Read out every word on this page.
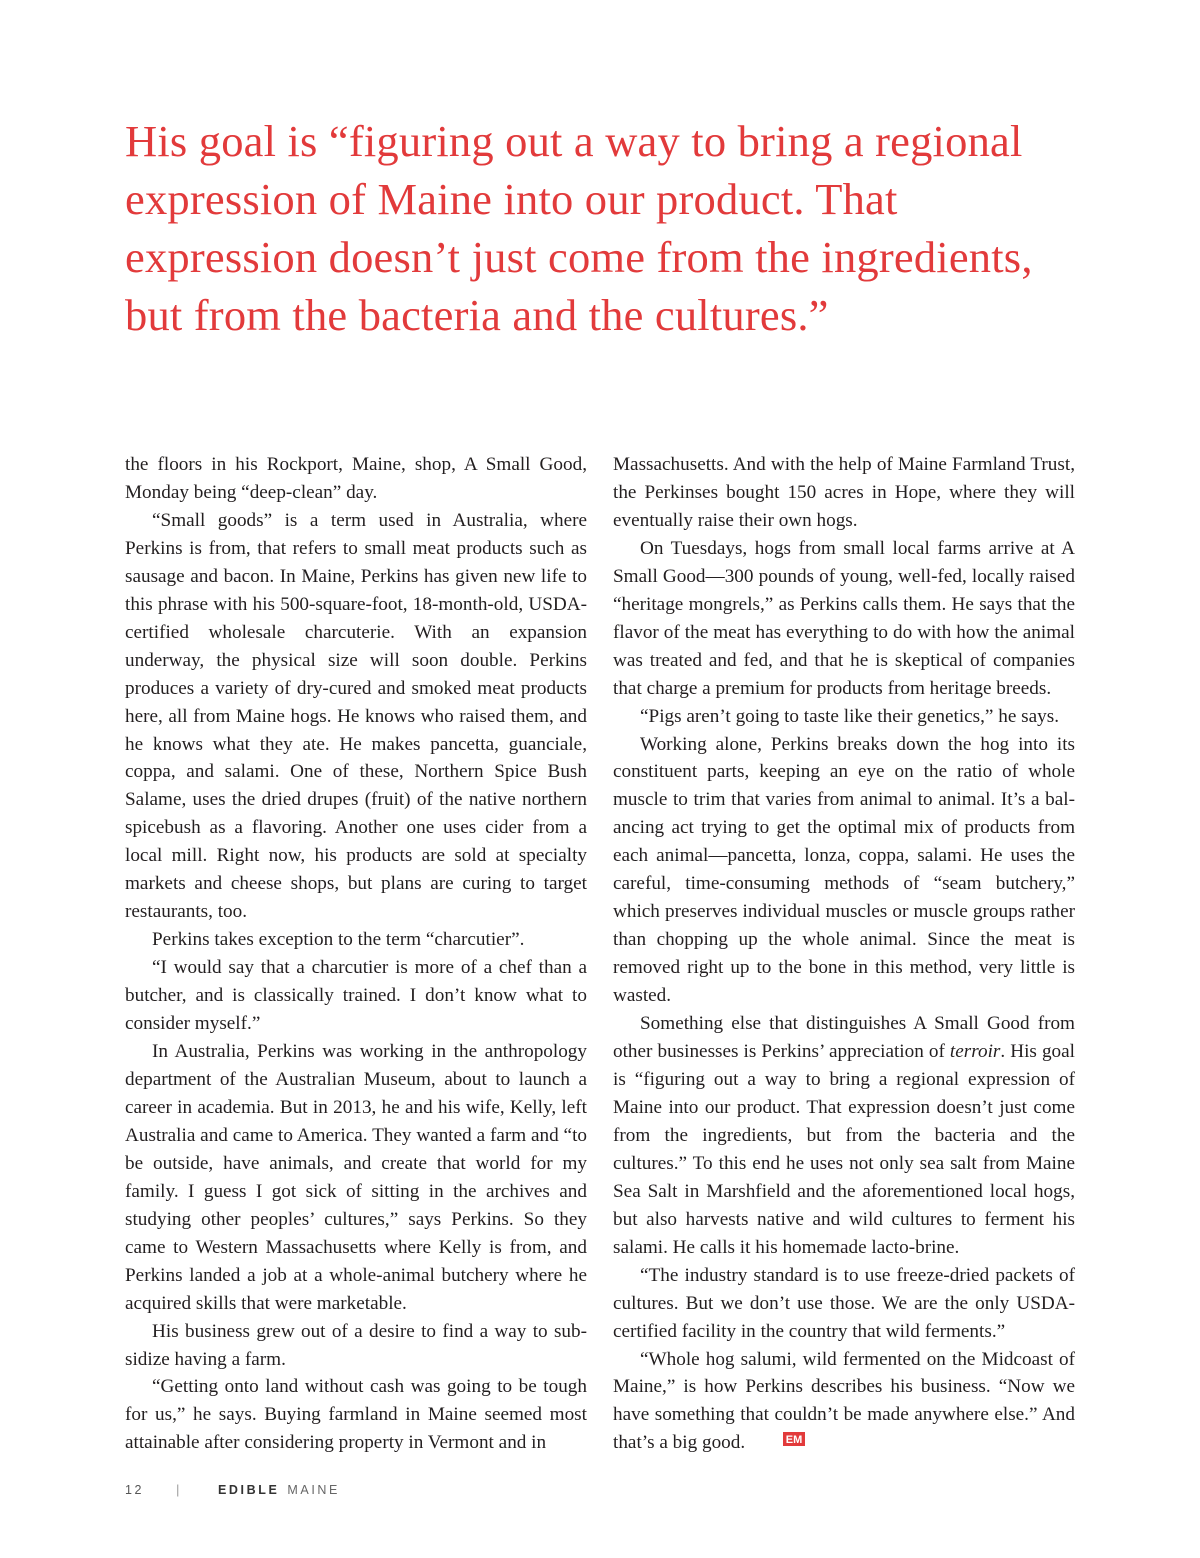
His goal is “figuring out a way to bring a regional expression of Maine into our product. That expression doesn’t just come from the ingredients, but from the bacteria and the cultures.”

the floors in his Rockport, Maine, shop, A Small Good, Monday being “deep-clean” day.

“Small goods” is a term used in Australia, where Perkins is from, that refers to small meat products such as sausage and bacon. In Maine, Perkins has given new life to this phrase with his 500-square-foot, 18-month-old, USDA-certified wholesale charcuterie. With an expansion underway, the physical size will soon double. Perkins produces a variety of dry-cured and smoked meat products here, all from Maine hogs. He knows who raised them, and he knows what they ate. He makes pancetta, guanciale, coppa, and salami. One of these, Northern Spice Bush Salame, uses the dried drupes (fruit) of the native northern spicebush as a flavoring. Another one uses cider from a local mill. Right now, his products are sold at specialty markets and cheese shops, but plans are curing to target restaurants, too.

Perkins takes exception to the term “charcutier”.

“I would say that a charcutier is more of a chef than a butcher, and is classically trained. I don’t know what to consider myself.”

In Australia, Perkins was working in the anthropology department of the Australian Museum, about to launch a career in academia. But in 2013, he and his wife, Kelly, left Australia and came to America. They wanted a farm and “to be outside, have animals, and create that world for my family. I guess I got sick of sitting in the archives and studying other peoples’ cultures,” says Perkins. So they came to Western Massachusetts where Kelly is from, and Perkins landed a job at a whole-animal butchery where he acquired skills that were marketable.

His business grew out of a desire to find a way to subsidize having a farm.

“Getting onto land without cash was going to be tough for us,” he says. Buying farmland in Maine seemed most attainable after considering property in Vermont and in

Massachusetts. And with the help of Maine Farmland Trust, the Perkinses bought 150 acres in Hope, where they will eventually raise their own hogs.

On Tuesdays, hogs from small local farms arrive at A Small Good—300 pounds of young, well-fed, locally raised “heritage mongrels,” as Perkins calls them. He says that the flavor of the meat has everything to do with how the animal was treated and fed, and that he is skeptical of companies that charge a premium for products from heritage breeds.

“Pigs aren’t going to taste like their genetics,” he says.

Working alone, Perkins breaks down the hog into its constituent parts, keeping an eye on the ratio of whole muscle to trim that varies from animal to animal. It’s a balancing act trying to get the optimal mix of products from each animal—pancetta, lonza, coppa, salami. He uses the careful, time-consuming methods of “seam butchery,” which preserves individual muscles or muscle groups rather than chopping up the whole animal. Since the meat is removed right up to the bone in this method, very little is wasted.

Something else that distinguishes A Small Good from other businesses is Perkins’ appreciation of terroir. His goal is “figuring out a way to bring a regional expression of Maine into our product. That expression doesn’t just come from the ingredients, but from the bacteria and the cultures.” To this end he uses not only sea salt from Maine Sea Salt in Marshfield and the aforementioned local hogs, but also harvests native and wild cultures to ferment his salami. He calls it his homemade lacto-brine.

“The industry standard is to use freeze-dried packets of cultures. But we don’t use those. We are the only USDA-certified facility in the country that wild ferments.”

“Whole hog salumi, wild fermented on the Midcoast of Maine,” is how Perkins describes his business. “Now we have something that couldn’t be made anywhere else.” And that’s a big good.	EM

12	|	EDIBLE MAINE
